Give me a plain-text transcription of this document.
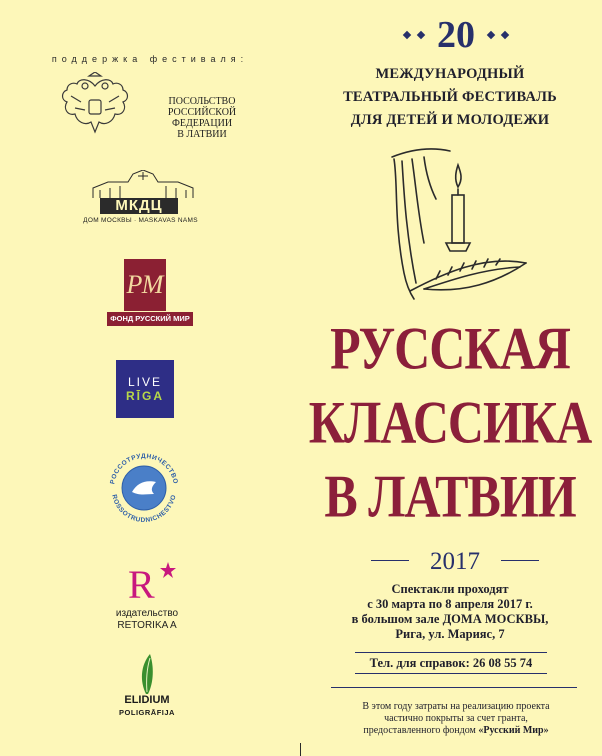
поддержка фестиваля:
ПОСОЛЬСТВО
РОССИЙСКОЙ ФЕДЕРАЦИИ
В ЛАТВИИ
МКДЦ
ДОМ МОСКВЫ · MASKAVAS NAMS
РМ
ФОНД РУССКИЙ МИР
LIVE
RĪGA
РОССОТРУДНИЧЕСТВО
ROSSOTRUDNICHESTVO
R
издательство
RETORIKA A
ELIDIUM
POLIGRĀFIJA
20
МЕЖДУНАРОДНЫЙ
ТЕАТРАЛЬНЫЙ ФЕСТИВАЛЬ
ДЛЯ ДЕТЕЙ И МОЛОДЕЖИ
РУССКАЯ
КЛАССИКА
В ЛАТВИИ
2017
Спектакли проходят
с 30 марта по 8 апреля 2017 г.
в большом зале ДОМА МОСКВЫ,
Рига, ул. Марияс, 7
Тел. для справок: 26 08 55 74
В этом году затраты на реализацию проекта
частично покрыты за счет гранта,
предоставленного фондом «Русский Мир»
